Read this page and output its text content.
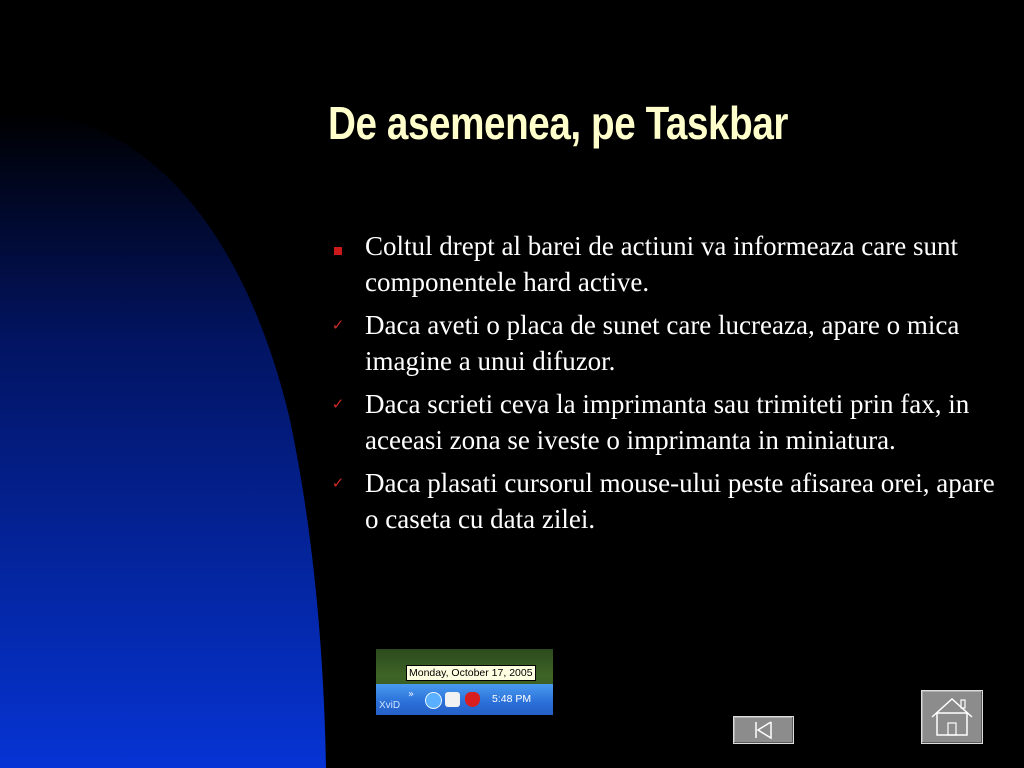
De asemenea, pe Taskbar
Coltul drept al barei de actiuni va informeaza care sunt componentele hard active.
✓ Daca aveti o placa de sunet care lucreaza, apare o mica imagine a unui difuzor.
✓ Daca scrieti ceva la imprimanta sau trimiteti prin fax, in aceeasi zona se iveste o imprimanta in miniatura.
✓ Daca plasati cursorul mouse-ului peste afisarea orei, apare o caseta cu data zilei.
Monday, October 17, 2005
XviD
»	5:48 PM
